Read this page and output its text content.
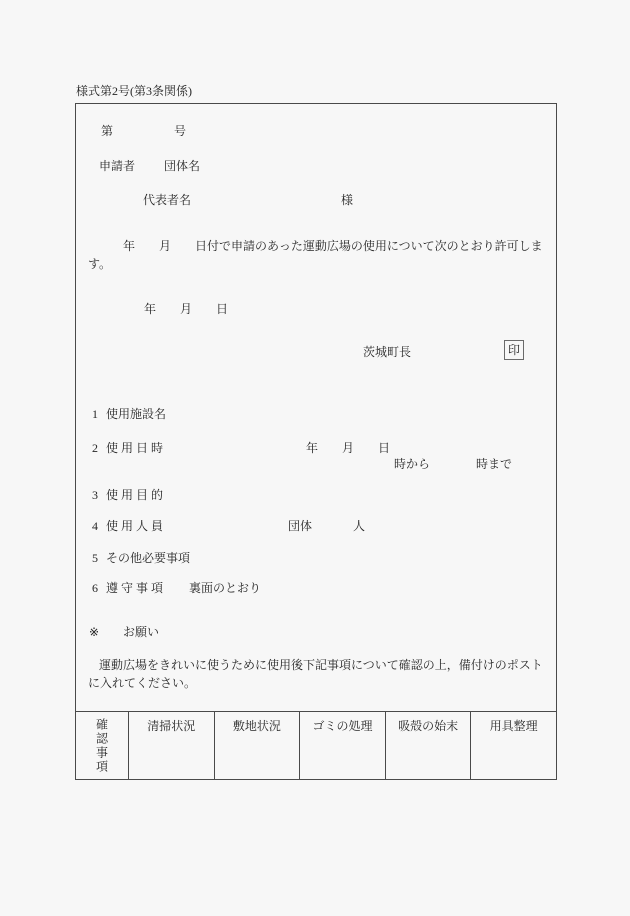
様式第2号(第3条関係)
第	号
申請者 団体名
代表者名	様
年　　月　　日付で申請のあった運動広場の使用について次のとおり許可しま
す。
年　　月　　日
茨城町長	印
1 使用施設名
2 使 用 日 時	年　　月　　日
時から	時まで
3 使 用 目 的
4 使 用 人 員	団体	人
5 その他必要事項
6 遵 守 事 項 裏面のとおり
※ お願い
運動広場をきれいに使うために使用後下記事項について確認の上，備付けのポスト
に入れてください。
確認事項	清掃状況	敷地状況	ゴミの処理	吸殻の始末	用具整理
